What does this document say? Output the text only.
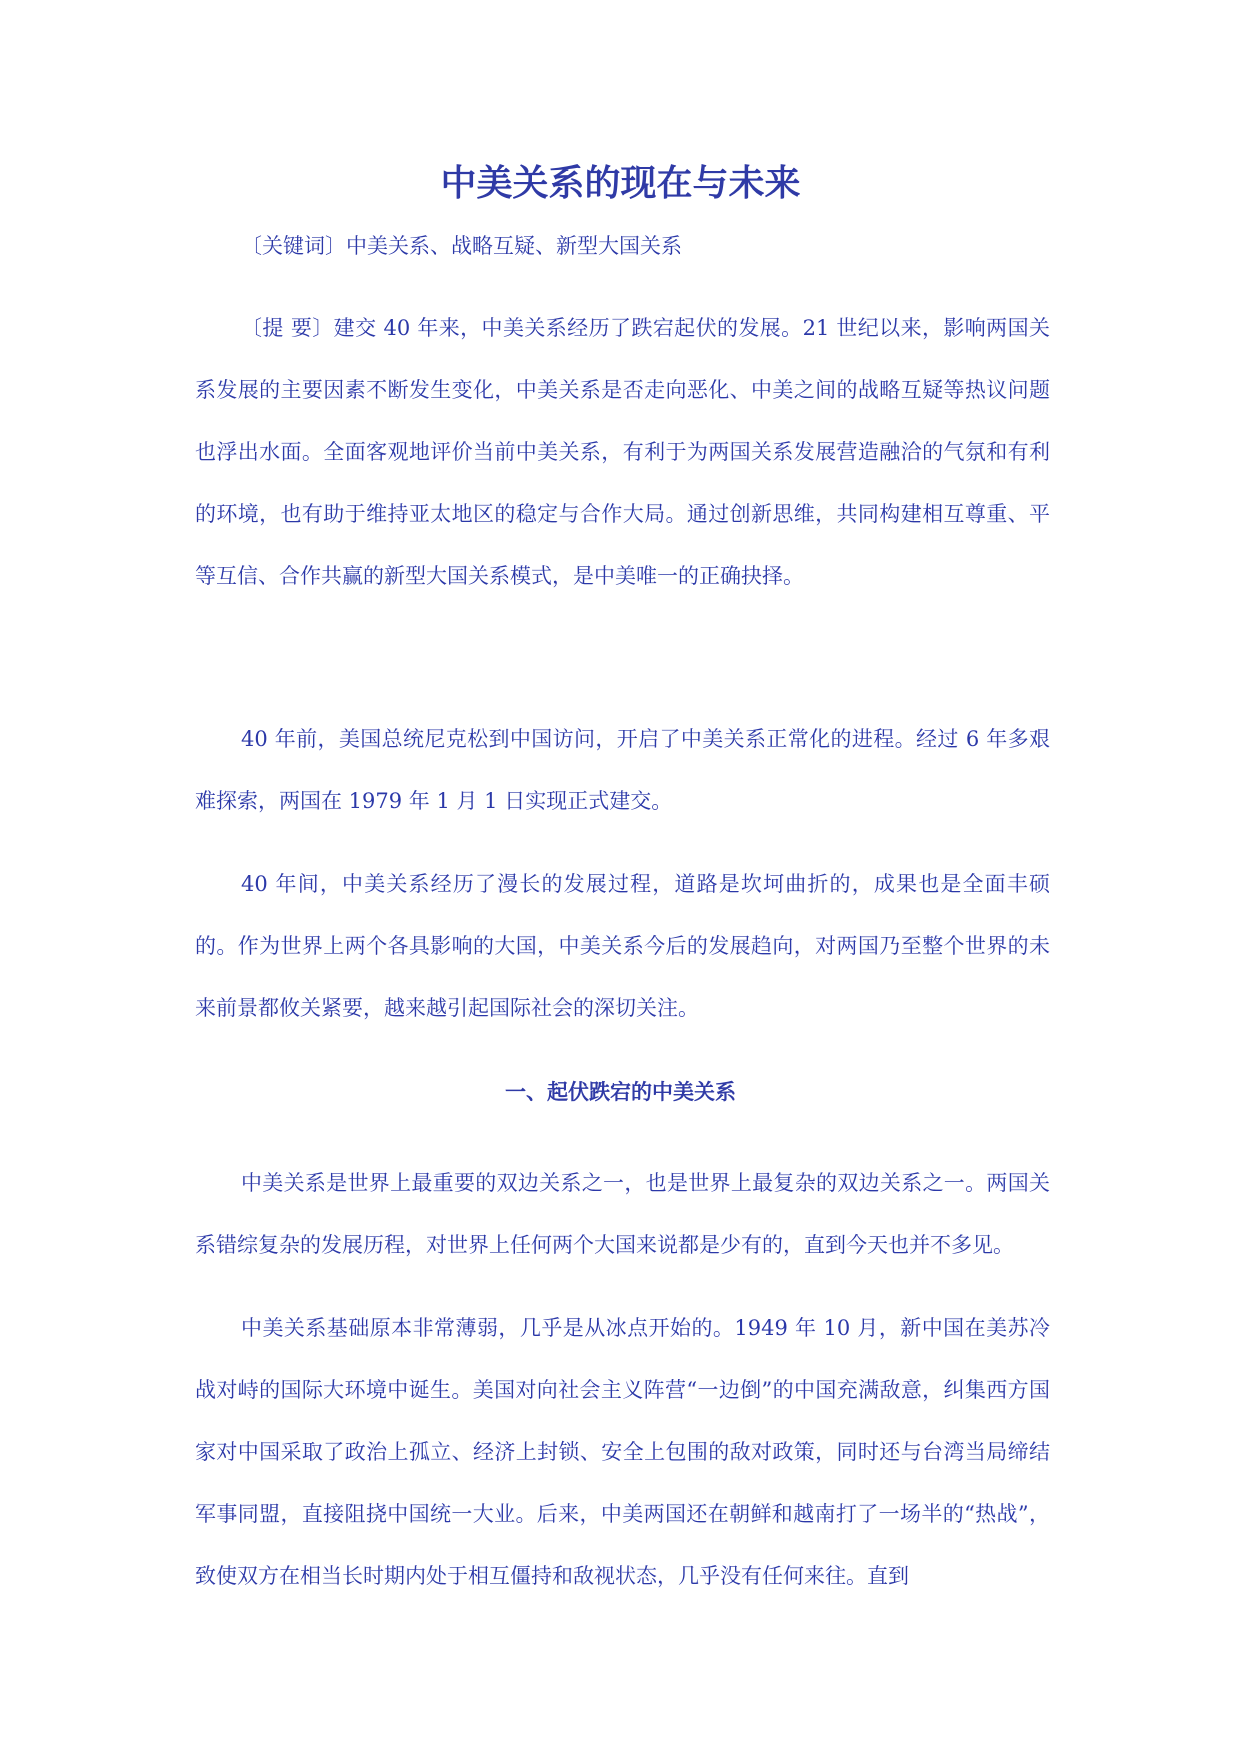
中美关系的现在与未来

〔关键词〕中美关系、战略互疑、新型大国关系

〔提 要〕建交 40 年来，中美关系经历了跌宕起伏的发展。21 世纪以来，影响两国关系发展的主要因素不断发生变化，中美关系是否走向恶化、中美之间的战略互疑等热议问题也浮出水面。全面客观地评价当前中美关系，有利于为两国关系发展营造融洽的气氛和有利的环境，也有助于维持亚太地区的稳定与合作大局。通过创新思维，共同构建相互尊重、平等互信、合作共赢的新型大国关系模式，是中美唯一的正确抉择。

40 年前，美国总统尼克松到中国访问，开启了中美关系正常化的进程。经过 6 年多艰难探索，两国在 1979 年 1 月 1 日实现正式建交。

40 年间，中美关系经历了漫长的发展过程，道路是坎坷曲折的，成果也是全面丰硕的。作为世界上两个各具影响的大国，中美关系今后的发展趋向，对两国乃至整个世界的未来前景都攸关紧要，越来越引起国际社会的深切关注。

一、起伏跌宕的中美关系

中美关系是世界上最重要的双边关系之一，也是世界上最复杂的双边关系之一。两国关系错综复杂的发展历程，对世界上任何两个大国来说都是少有的，直到今天也并不多见。

中美关系基础原本非常薄弱，几乎是从冰点开始的。1949 年 10 月，新中国在美苏冷战对峙的国际大环境中诞生。美国对向社会主义阵营“一边倒”的中国充满敌意，纠集西方国家对中国采取了政治上孤立、经济上封锁、安全上包围的敌对政策，同时还与台湾当局缔结军事同盟，直接阻挠中国统一大业。后来，中美两国还在朝鲜和越南打了一场半的“热战”，致使双方在相当长时期内处于相互僵持和敌视状态，几乎没有任何来往。直到
